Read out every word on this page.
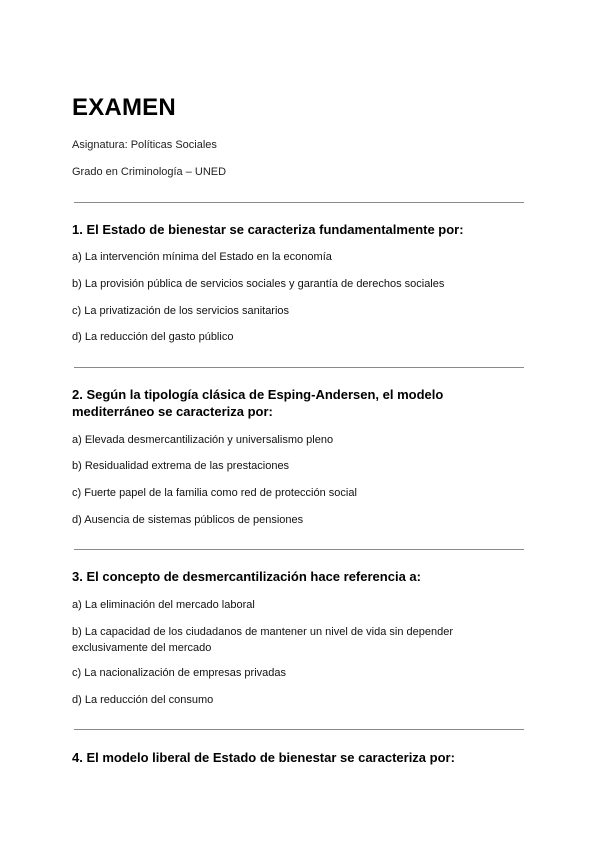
EXAMEN

Asignatura: Políticas Sociales

Grado en Criminología – UNED

1. El Estado de bienestar se caracteriza fundamentalmente por:

a) La intervención mínima del Estado en la economía

b) La provisión pública de servicios sociales y garantía de derechos sociales

c) La privatización de los servicios sanitarios

d) La reducción del gasto público

2. Según la tipología clásica de Esping-Andersen, el modelo mediterráneo se caracteriza por:

a) Elevada desmercantilización y universalismo pleno

b) Residualidad extrema de las prestaciones

c) Fuerte papel de la familia como red de protección social

d) Ausencia de sistemas públicos de pensiones

3. El concepto de desmercantilización hace referencia a:

a) La eliminación del mercado laboral

b) La capacidad de los ciudadanos de mantener un nivel de vida sin depender exclusivamente del mercado

c) La nacionalización de empresas privadas

d) La reducción del consumo

4. El modelo liberal de Estado de bienestar se caracteriza por:
